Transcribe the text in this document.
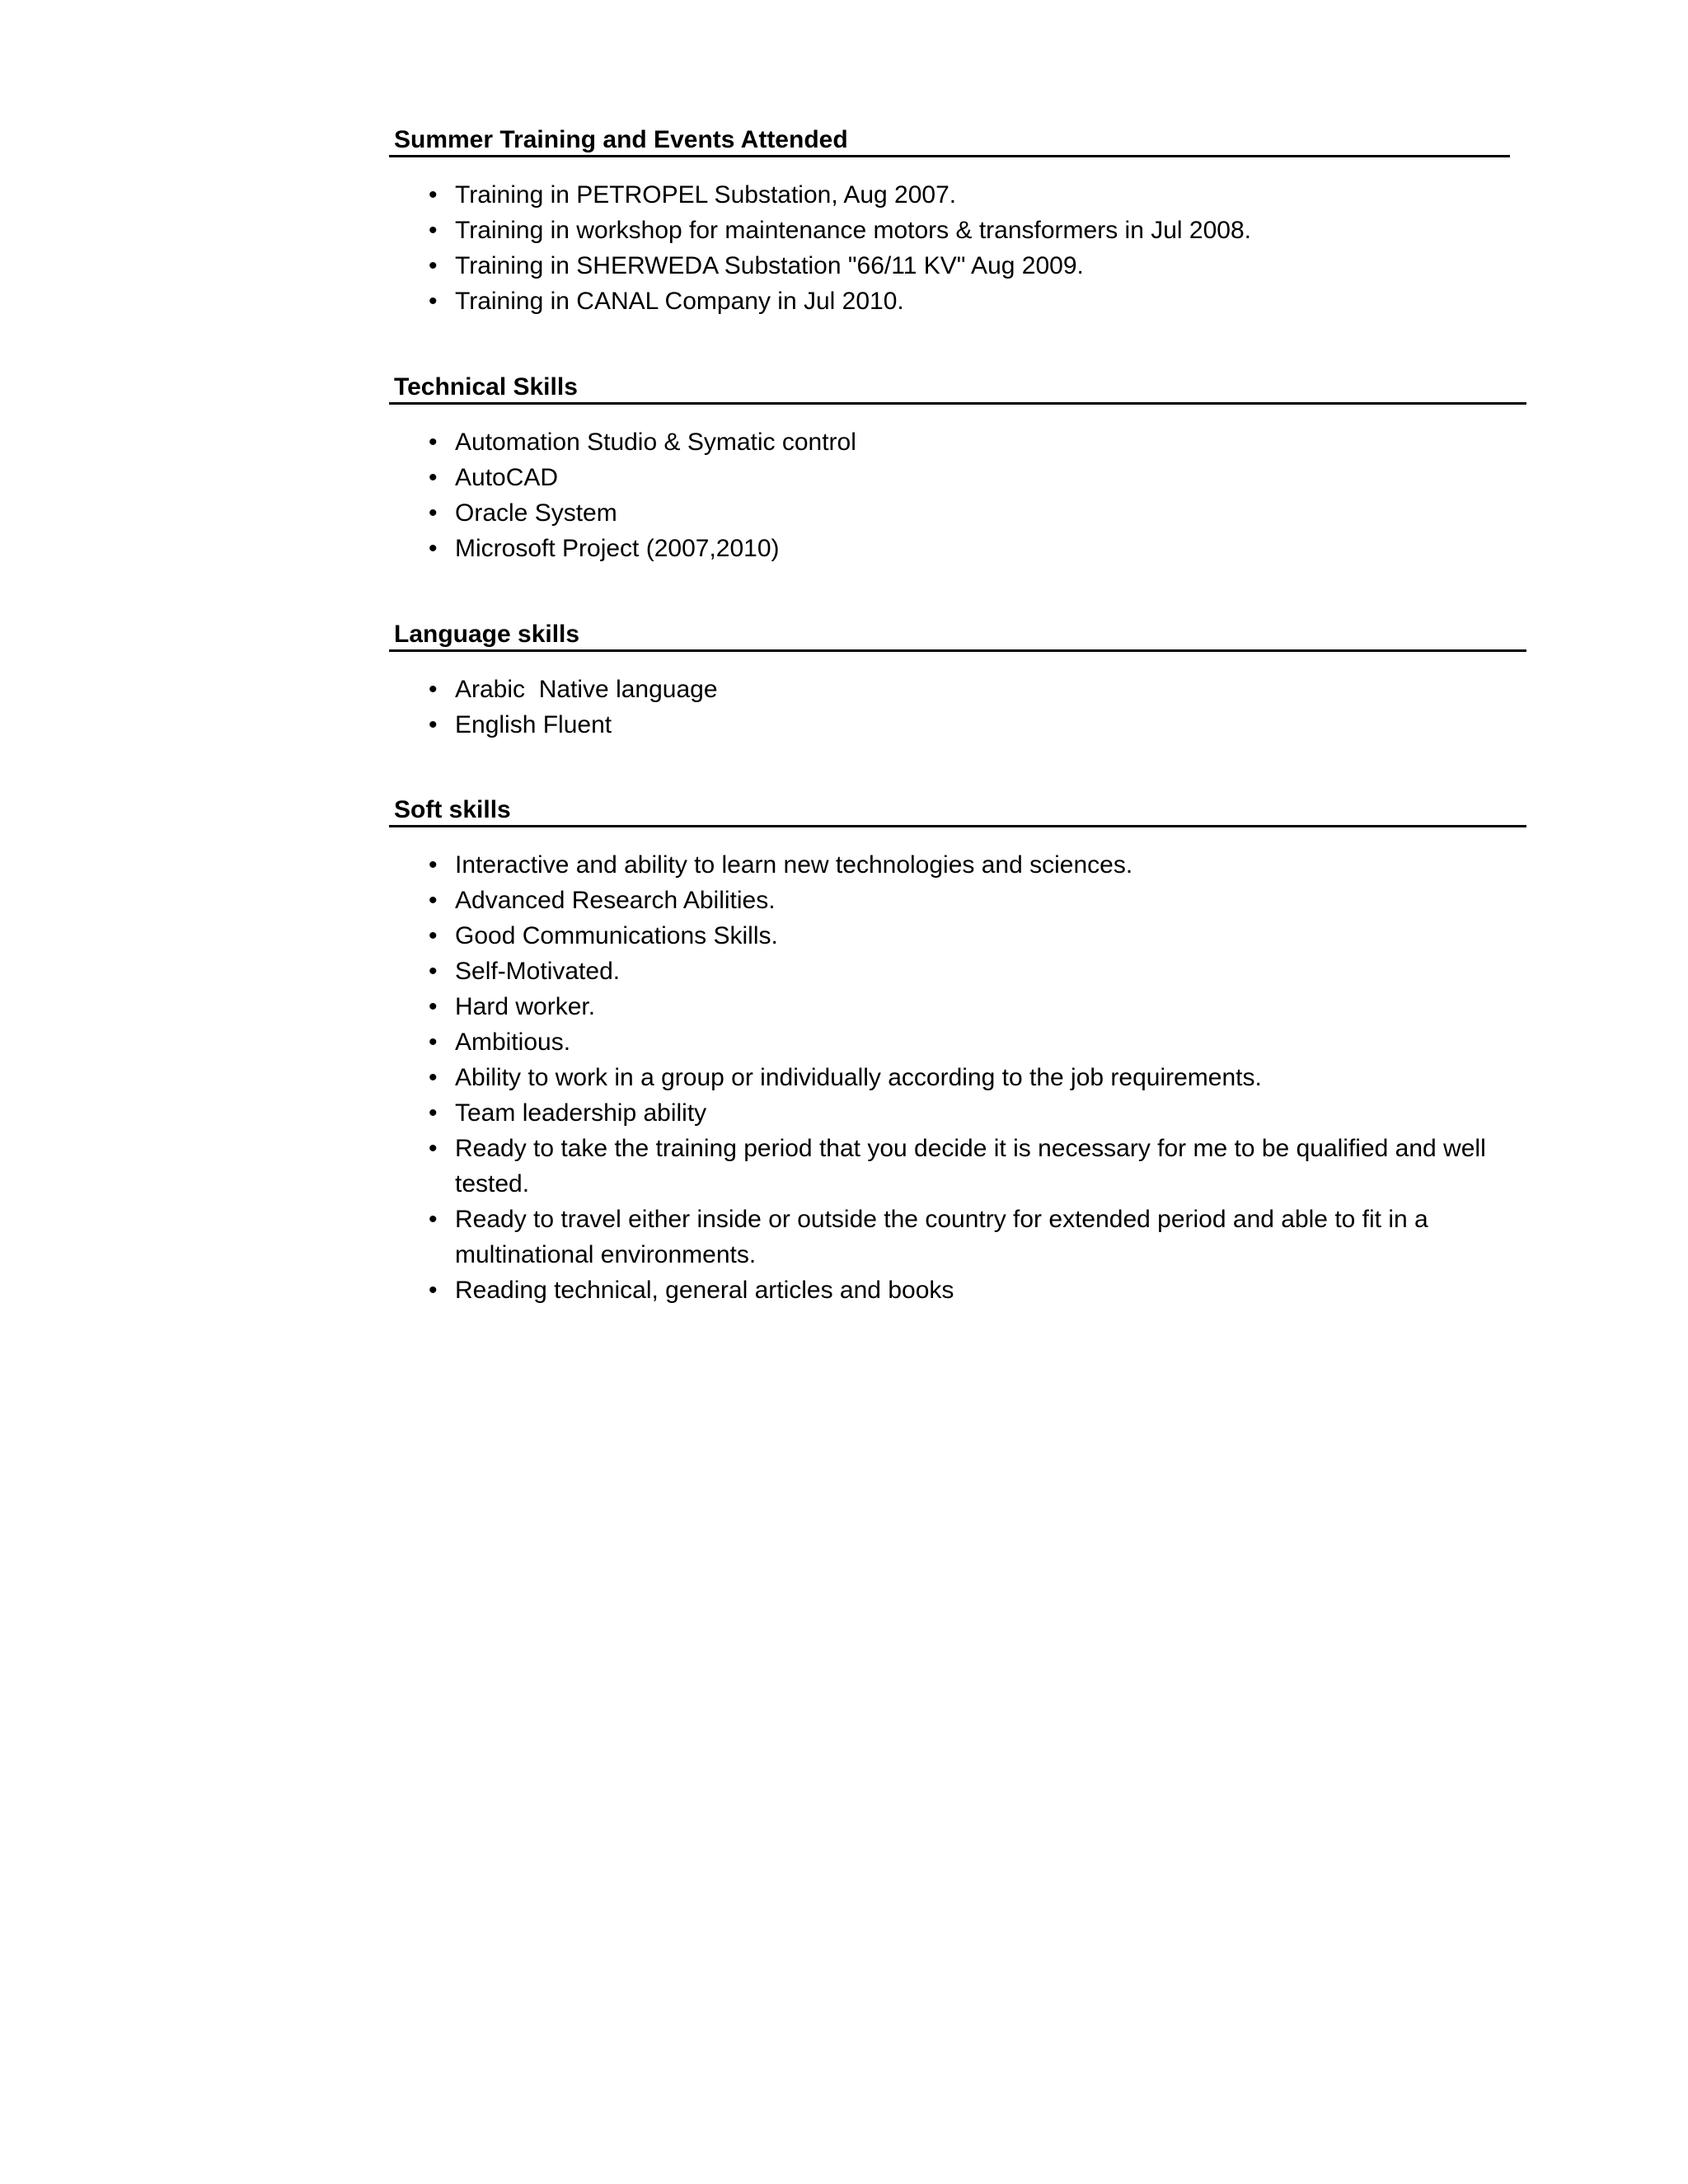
Summer Training and Events Attended
• Training in PETROPEL Substation, Aug 2007.
• Training in workshop for maintenance motors & transformers in Jul 2008.
• Training in SHERWEDA Substation "66/11 KV" Aug 2009.
• Training in CANAL Company in Jul 2010.
Technical Skills
• Automation Studio & Symatic control
• AutoCAD
• Oracle System
• Microsoft Project (2007,2010)
Language skills
• Arabic  Native language
• English Fluent
Soft skills
• Interactive and ability to learn new technologies and sciences.
• Advanced Research Abilities.
• Good Communications Skills.
• Self-Motivated.
• Hard worker.
• Ambitious.
• Ability to work in a group or individually according to the job requirements.
• Team leadership ability
• Ready to take the training period that you decide it is necessary for me to be qualified and well tested.
• Ready to travel either inside or outside the country for extended period and able to fit in a multinational environments.
• Reading technical, general articles and books
